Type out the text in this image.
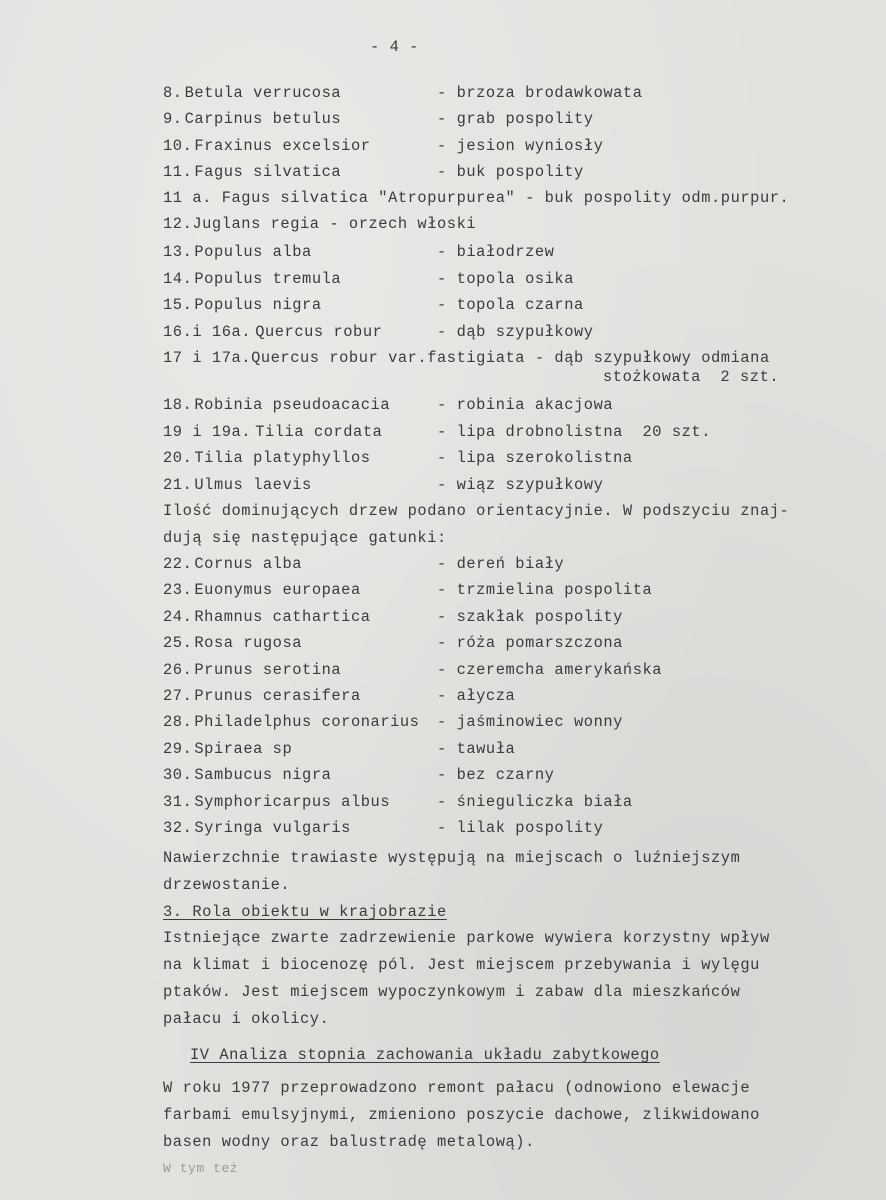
- 4 -
8. Betula verrucosa	- brzoza brodawkowata
9. Carpinus betulus	- grab pospolity
10. Fraxinus excelsior	- jesion wyniosły
11. Fagus silvatica	- buk pospolity
11 a. Fagus silvatica "Atropurpurea" - buk pospolity odm.purpur.
12.Juglans regia - orzech włoski
13. Populus alba	- białodrzew
14. Populus tremula	- topola osika
15. Populus nigra	- topola czarna
16.i 16a. Quercus robur	- dąb szypułkowy
17 i 17a.Quercus robur var.fastigiata - dąb szypułkowy odmiana
stożkowata  2 szt.
18. Robinia pseudoacacia	- robinia akacjowa
19 i 19a. Tilia cordata	- lipa drobnolistna  20 szt.
20. Tilia platyphyllos	- lipa szerokolistna
21. Ulmus laevis	- wiąz szypułkowy
Ilość dominujących drzew podano orientacyjnie. W podszyciu znaj-
dują się następujące gatunki:
22. Cornus alba	- dereń biały
23. Euonymus europaea	- trzmielina pospolita
24. Rhamnus cathartica	- szakłak pospolity
25. Rosa rugosa	- róża pomarszczona
26. Prunus serotina	- czeremcha amerykańska
27. Prunus cerasifera	- ałycza
28. Philadelphus coronarius - jaśminowiec wonny
29. Spiraea sp	- tawuła
30. Sambucus nigra	- bez czarny
31. Symphoricarpus albus	- śnieguliczka biała
32. Syringa vulgaris	- lilak pospolity
Nawierzchnie trawiaste występują na miejscach o luźniejszym
drzewostanie.
3. Rola obiektu w krajobrazie
Istniejące zwarte zadrzewienie parkowe wywiera korzystny wpływ
na klimat i biocenozę pól. Jest miejscem przebywania i wylęgu
ptaków. Jest miejscem wypoczynkowym i zabaw dla mieszkańców
pałacu i okolicy.
IV Analiza stopnia zachowania układu zabytkowego
W roku 1977 przeprowadzono remont pałacu (odnowiono elewacje
farbami emulsyjnymi, zmieniono poszycie dachowe, zlikwidowano
basen wodny oraz balustradę metalową).
W tym też
